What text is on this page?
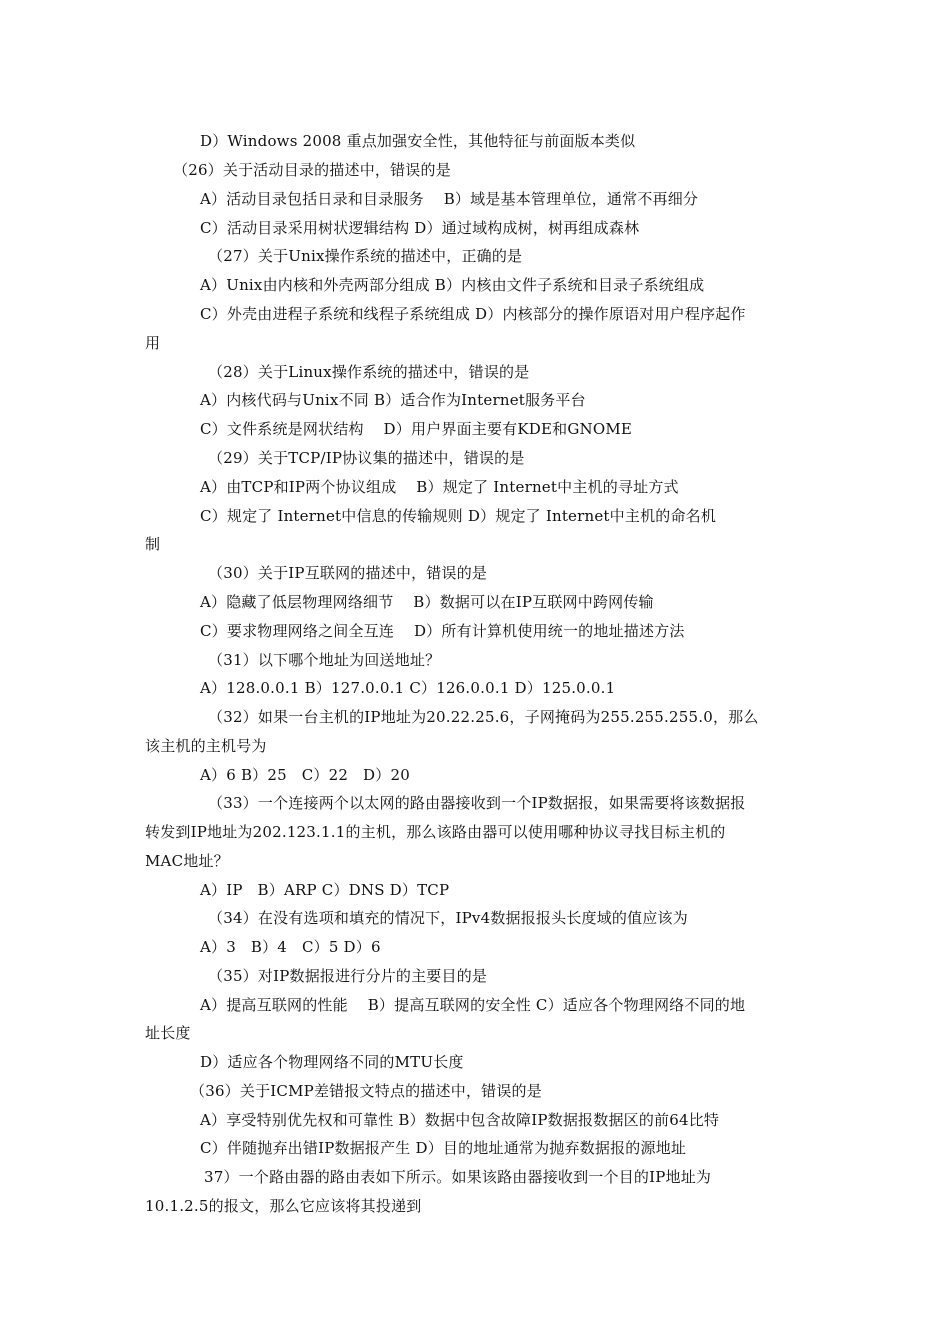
D）Windows 2008 重点加强安全性，其他特征与前面版本类似
（26）关于活动目录的描述中，错误的是
A）活动目录包括日录和目录服务    B）域是基本管理单位，通常不再细分
C）活动目录采用树状逻辑结构 D）通过域构成树，树再组成森林
（27）关于Unix操作系统的描述中，正确的是
A）Unix由内核和外壳两部分组成 B）内核由文件子系统和目录子系统组成
C）外壳由进程子系统和线程子系统组成 D）内核部分的操作原语对用户程序起作
用
（28）关于Linux操作系统的描述中，错误的是
A）内核代码与Unix不同 B）适合作为Internet服务平台
C）文件系统是网状结构    D）用户界面主要有KDE和GNOME
（29）关于TCP/IP协议集的描述中，错误的是
A）由TCP和IP两个协议组成    B）规定了 Internet中主机的寻址方式
C）规定了 Internet中信息的传输规则 D）规定了 Internet中主机的命名机
制
（30）关于IP互联网的描述中，错误的是
A）隐藏了低层物理网络细节    B）数据可以在IP互联网中跨网传输
C）要求物理网络之间全互连    D）所有计算机使用统一的地址描述方法
（31）以下哪个地址为回送地址？
A）128.0.0.1 B）127.0.0.1 C）126.0.0.1 D）125.0.0.1
（32）如果一台主机的IP地址为20.22.25.6，子网掩码为255.255.255.0，那么
该主机的主机号为
A）6 B）25   C）22   D）20
（33）一个连接两个以太网的路由器接收到一个IP数据报，如果需要将该数据报
转发到IP地址为202.123.1.1的主机，那么该路由器可以使用哪种协议寻找目标主机的
MAC地址？
A）IP   B）ARP C）DNS D）TCP
（34）在没有选项和填充的情况下，IPv4数据报报头长度域的值应该为
A）3   B）4   C）5 D）6
（35）对IP数据报进行分片的主要目的是
A）提高互联网的性能    B）提高互联网的安全性 C）适应各个物理网络不同的地
址长度
D）适应各个物理网络不同的MTU长度
（36）关于ICMP差错报文特点的描述中，错误的是
A）享受特别优先权和可靠性 B）数据中包含故障IP数据报数据区的前64比特
C）伴随抛弃出错IP数据报产生 D）目的地址通常为抛弃数据报的源地址
37）一个路由器的路由表如下所示。如果该路由器接收到一个目的IP地址为
10.1.2.5的报文，那么它应该将其投递到
